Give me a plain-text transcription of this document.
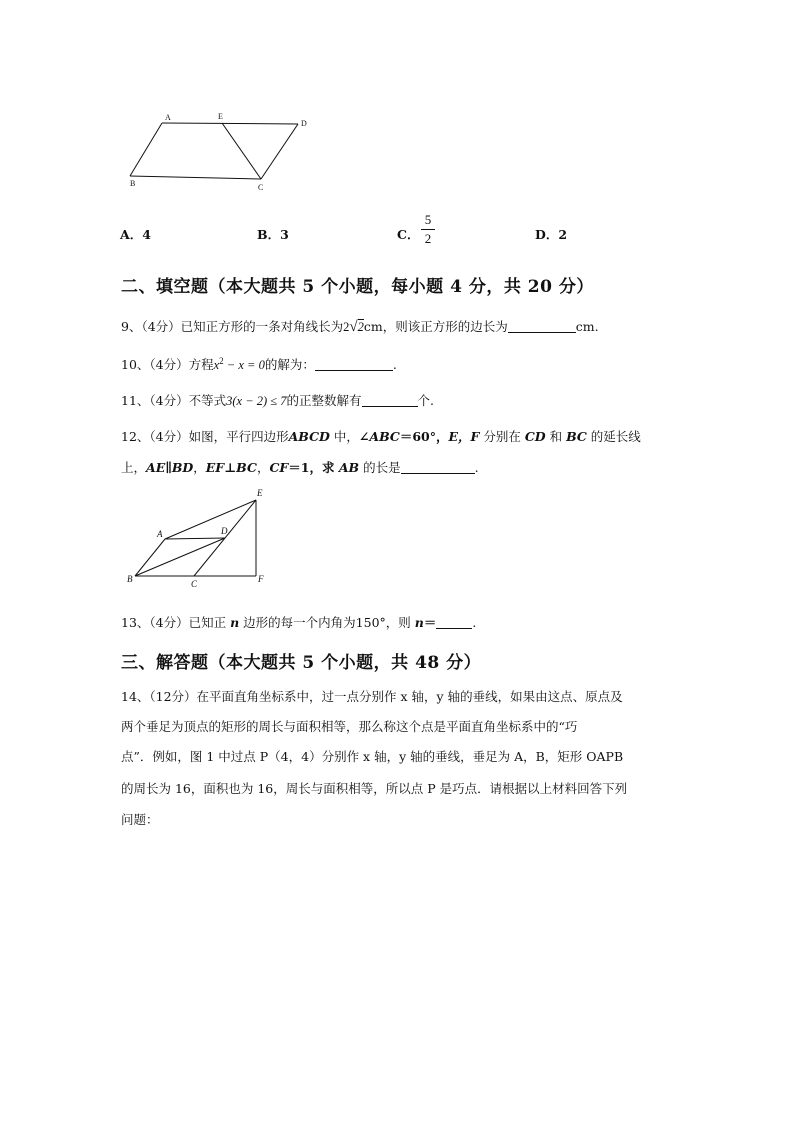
A	E
D
B	C
A．4	B．3	C．
5
2	D．2
二、填空题（本大题共 5 个小题，每小题 4 分，共 20 分）
9、（4分）已知正方形的一条对角线长为2√2cm，则该正方形的边长为	cm.
10、（4分）方程$x^2 - x = 0$的解为：	.
11、（4分）不等式3(x − 2) ≤ 7的正整数解有	个.
12、（4分）如图，平行四边形ABCD 中，∠ABC＝60°，E，F 分别在 CD 和 BC 的延长线
上，AE∥BD，EF⊥BC，CF＝1，求 AB 的长是	.
E
A	D
B	C	F
13、（4分）已知正 n 边形的每一个内角为150°，则 n＝	.
三、解答题（本大题共 5 个小题，共 48 分）
14、（12分）在平面直角坐标系中，过一点分别作 x 轴，y 轴的垂线，如果由这点、原点及
两个垂足为顶点的矩形的周长与面积相等，那么称这个点是平面直角坐标系中的“巧
点”．例如，图 1 中过点 P（4，4）分别作 x 轴，y 轴的垂线，垂足为 A，B，矩形 OAPB
的周长为 16，面积也为 16，周长与面积相等，所以点 P 是巧点．请根据以上材料回答下列
问题：
